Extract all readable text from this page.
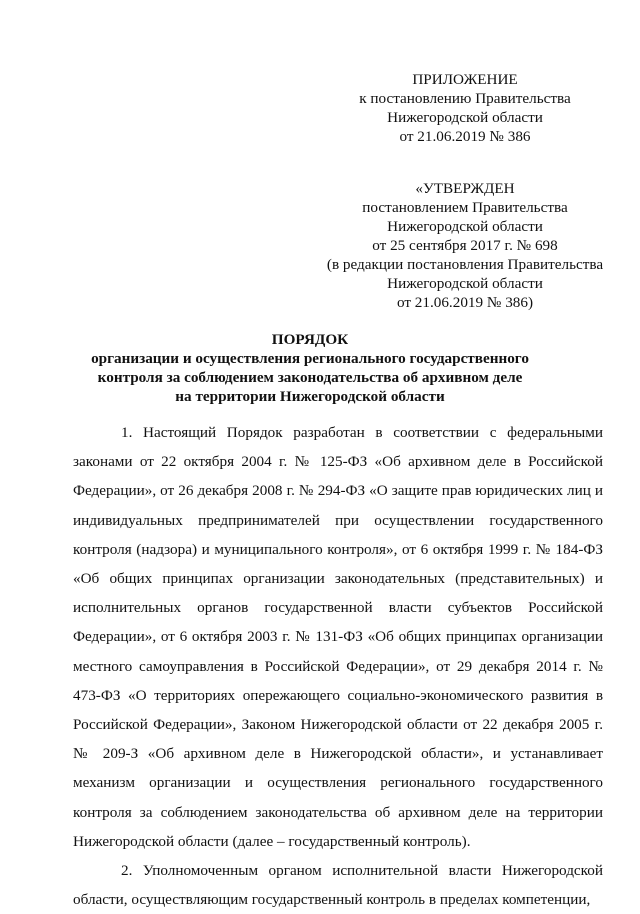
ПРИЛОЖЕНИЕ
к постановлению Правительства
Нижегородской области
от 21.06.2019 № 386
«УТВЕРЖДЕН
постановлением Правительства
Нижегородской области
от 25 сентября 2017 г. № 698
(в редакции постановления Правительства
Нижегородской области
от 21.06.2019 № 386)
ПОРЯДОК
организации и осуществления регионального государственного
контроля за соблюдением законодательства об архивном деле
на территории Нижегородской области

1. Настоящий Порядок разработан в соответствии с федеральными законами от 22 октября 2004 г. № 125-ФЗ «Об архивном деле в Российской Федерации», от 26 декабря 2008 г. № 294-ФЗ «О защите прав юридических лиц и индивидуальных предпринимателей при осуществлении государственного контроля (надзора) и муниципального контроля», от 6 октября 1999 г. № 184-ФЗ «Об общих принципах организации законодательных (представительных) и исполнительных органов государственной власти субъектов Российской Федерации», от 6 октября 2003 г. № 131-ФЗ «Об общих принципах организации местного самоуправления в Российской Федерации», от 29 декабря 2014 г. № 473-ФЗ «О территориях опережающего социально-экономического развития в Российской Федерации», Законом Нижегородской области от 22 декабря 2005 г. № 209-З «Об архивном деле в Нижегородской области», и устанавливает механизм организации и осуществления регионального государственного контроля за соблюдением законодательства об архивном деле на территории Нижегородской области (далее – государственный контроль).

2. Уполномоченным органом исполнительной власти Нижегородской области, осуществляющим государственный контроль в пределах компетенции,
